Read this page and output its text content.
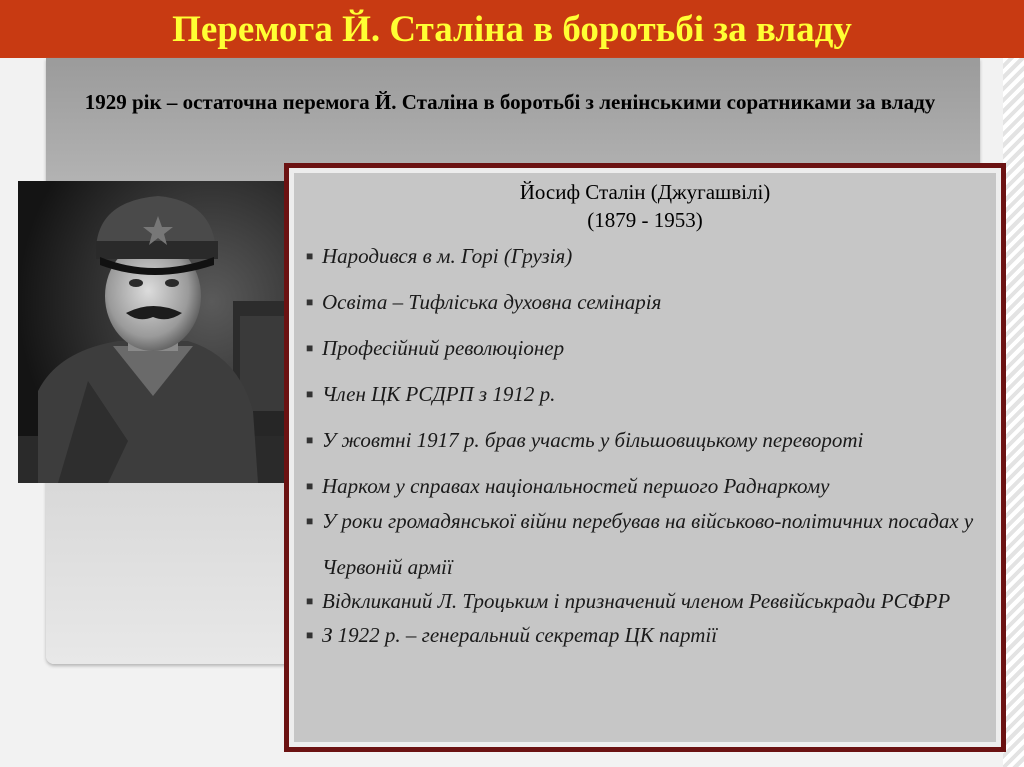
Перемога Й. Сталіна в боротьбі за владу
1929 рік – остаточна перемога Й. Сталіна в боротьбі з ленінськими соратниками за владу
Йосиф Сталін (Джугашвілі)
(1879 - 1953)
■ Народився в м. Горі (Грузія)
■ Освіта – Тифліська духовна семінарія
■ Професійний революціонер
■ Член ЦК РСДРП з 1912 р.
■ У жовтні 1917 р. брав участь у більшовицькому перевороті
■ Нарком у справах національностей першого Раднаркому
■ У роки громадянської війни перебував на військово-політичних посадах у Червоній армії
■ Відкликаний Л. Троцьким і призначений членом Реввійськради РСФРР
■ З 1922 р. – генеральний секретар ЦК партії
